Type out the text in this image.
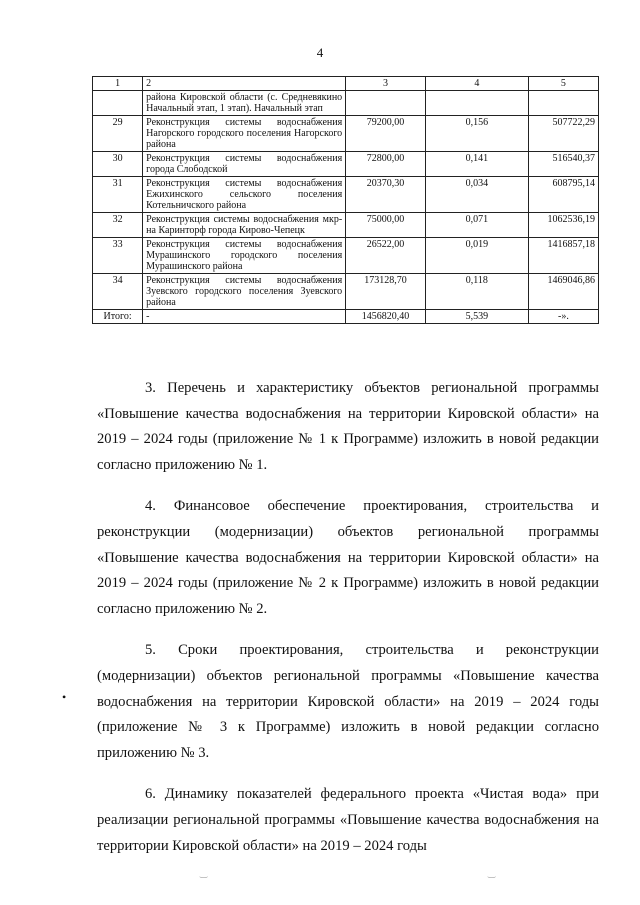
4
1	2	3	4	5
	района Кировской области (с. Средневякино Начальный этап, 1 этап). Начальный этап			
29	Реконструкция системы водоснабжения Нагорского городского поселения Нагорского района	79200,00	0,156	507722,29
30	Реконструкция системы водоснабжения города Слободской	72800,00	0,141	516540,37
31	Реконструкция системы водоснабжения Ежихинского сельского поселения Котельничского района	20370,30	0,034	608795,14
32	Реконструкция системы водоснабжения мкр-на Каринторф города Кирово-Чепецк	75000,00	0,071	1062536,19
33	Реконструкция системы водоснабжения Мурашинского городского поселения Мурашинского района	26522,00	0,019	1416857,18
34	Реконструкция системы водоснабжения Зуевского городского поселения Зуевского района	173128,70	0,118	1469046,86
Итого:	-	1456820,40	5,539	-».

3. Перечень и характеристику объектов региональной программы «Повышение качества водоснабжения на территории Кировской области» на 2019 – 2024 годы (приложение № 1 к Программе) изложить в новой редакции согласно приложению № 1.

4. Финансовое обеспечение проектирования, строительства и реконструкции (модернизации) объектов региональной программы «Повышение качества водоснабжения на территории Кировской области» на 2019 – 2024 годы (приложение № 2 к Программе) изложить в новой редакции согласно приложению № 2.

5. Сроки проектирования, строительства и реконструкции (модернизации) объектов региональной программы «Повышение качества водоснабжения на территории Кировской области» на 2019 – 2024 годы (приложение № 3 к Программе) изложить в новой редакции согласно приложению № 3.

6. Динамику показателей федерального проекта «Чистая вода» при реализации региональной программы «Повышение качества водоснабжения на территории Кировской области» на 2019 – 2024 годы

•
‿	‿
